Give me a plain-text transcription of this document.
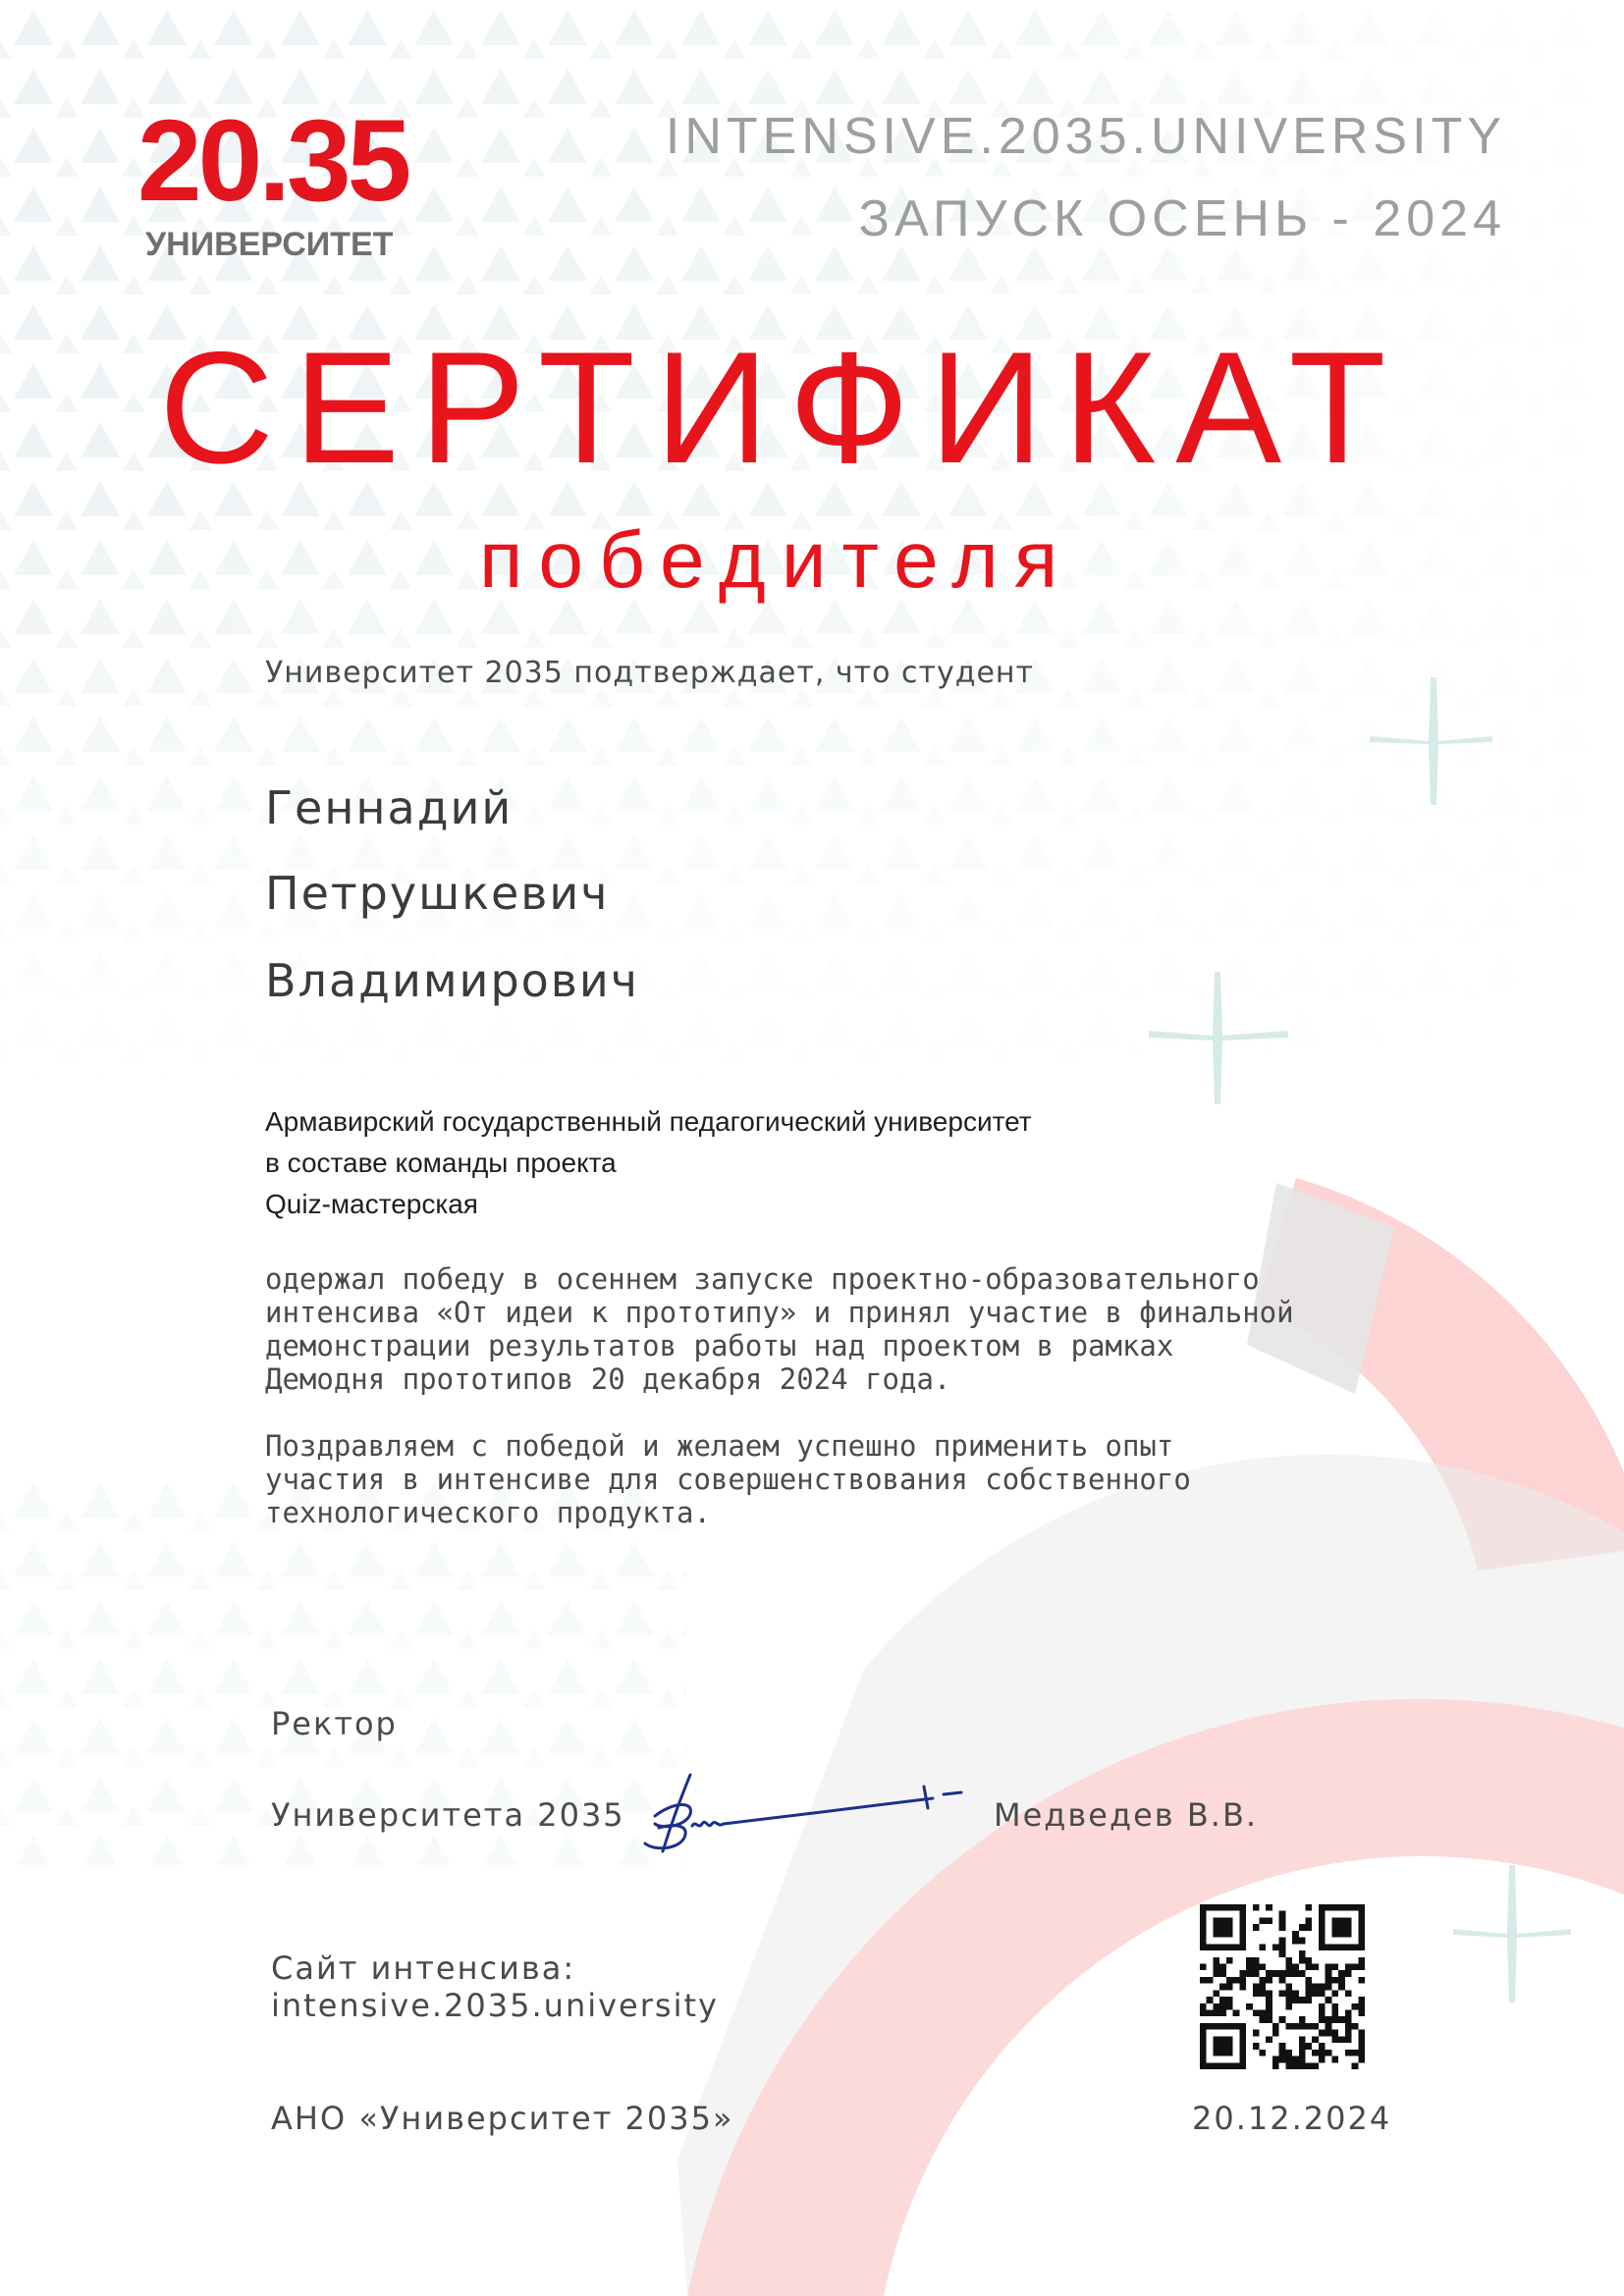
20.35
УНИВЕРСИТЕТ
INTENSIVE.2035.UNIVERSITY
ЗАПУСК ОСЕНЬ - 2024
СЕРТИФИКАТ
победителя
Университет 2035 подтверждает, что студент
Геннадий
Петрушкевич
Владимирович
Армавирский государственный педагогический университет
в составе команды проекта
Quiz-мастерская
одержал победу в осеннем запуске проектно-образовательного
интенсива «От идеи к прототипу» и принял участие в финальной
демонстрации результатов работы над проектом в рамках
Демодня прототипов 20 декабря 2024 года.
Поздравляем с победой и желаем успешно применить опыт
участия в интенсиве для совершенствования собственного
технологического продукта.
Ректор
Университета 2035	Медведев В.В.
Сайт интенсива:
intensive.2035.university
АНО «Университет 2035»	20.12.2024
